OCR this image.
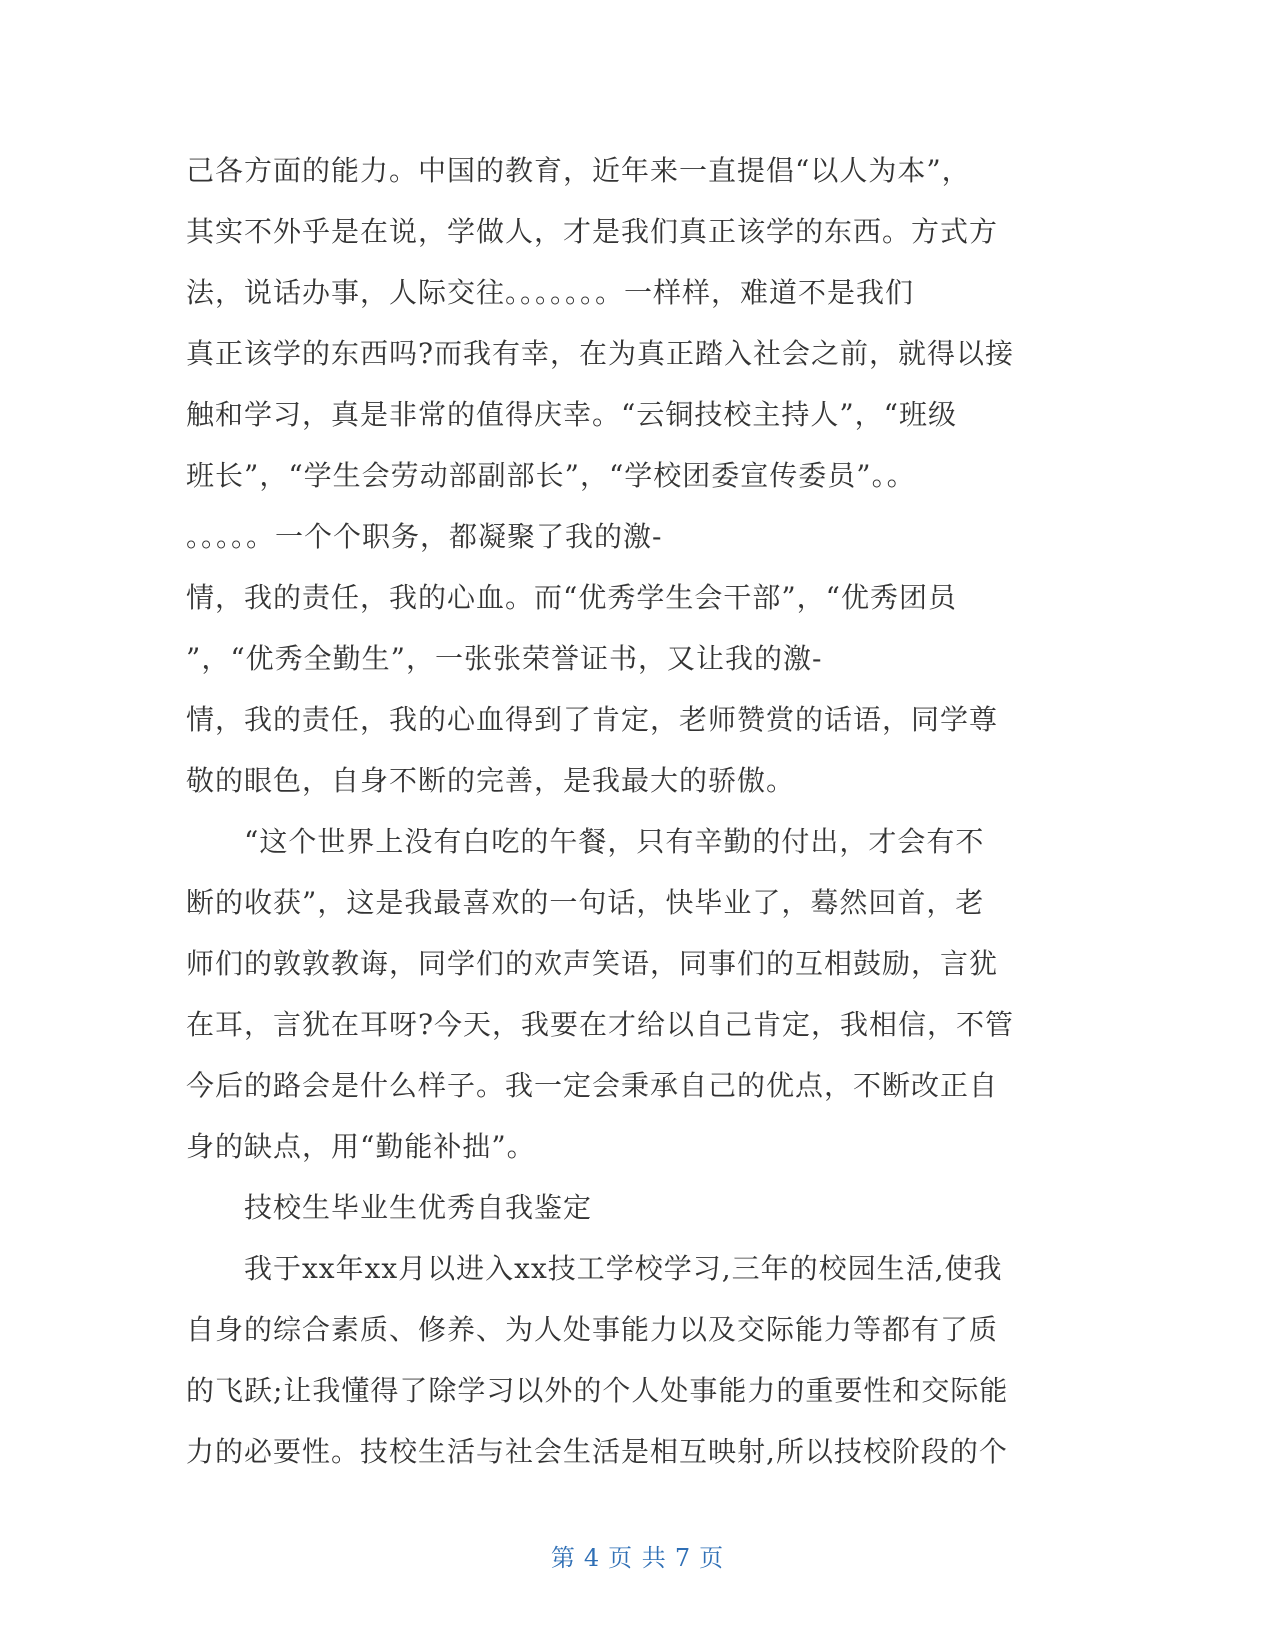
己各方面的能力。中国的教育，近年来一直提倡“以人为本”，

其实不外乎是在说，学做人，才是我们真正该学的东西。方式方

法，说话办事，人际交往。。。。。。。一样样，难道不是我们

真正该学的东西吗?而我有幸，在为真正踏入社会之前，就得以接

触和学习，真是非常的值得庆幸。“云铜技校主持人”，“班级

班长”，“学生会劳动部副部长”，“学校团委宣传委员”。。

。。。。。一个个职务，都凝聚了我的激-

情，我的责任，我的心血。而“优秀学生会干部”，“优秀团员

”，“优秀全勤生”，一张张荣誉证书，又让我的激-

情，我的责任，我的心血得到了肯定，老师赞赏的话语，同学尊

敬的眼色，自身不断的完善，是我最大的骄傲。

　　“这个世界上没有白吃的午餐，只有辛勤的付出，才会有不

断的收获”，这是我最喜欢的一句话，快毕业了，蓦然回首，老

师们的敦敦教诲，同学们的欢声笑语，同事们的互相鼓励，言犹

在耳，言犹在耳呀?今天，我要在才给以自己肯定，我相信，不管

今后的路会是什么样子。我一定会秉承自己的优点，不断改正自

身的缺点，用“勤能补拙”。

　　技校生毕业生优秀自我鉴定

　　我于xx年xx月以进入xx技工学校学习,三年的校园生活,使我

自身的综合素质、修养、为人处事能力以及交际能力等都有了质

的飞跃;让我懂得了除学习以外的个人处事能力的重要性和交际能

力的必要性。技校生活与社会生活是相互映射,所以技校阶段的个

第 4 页 共 7 页
